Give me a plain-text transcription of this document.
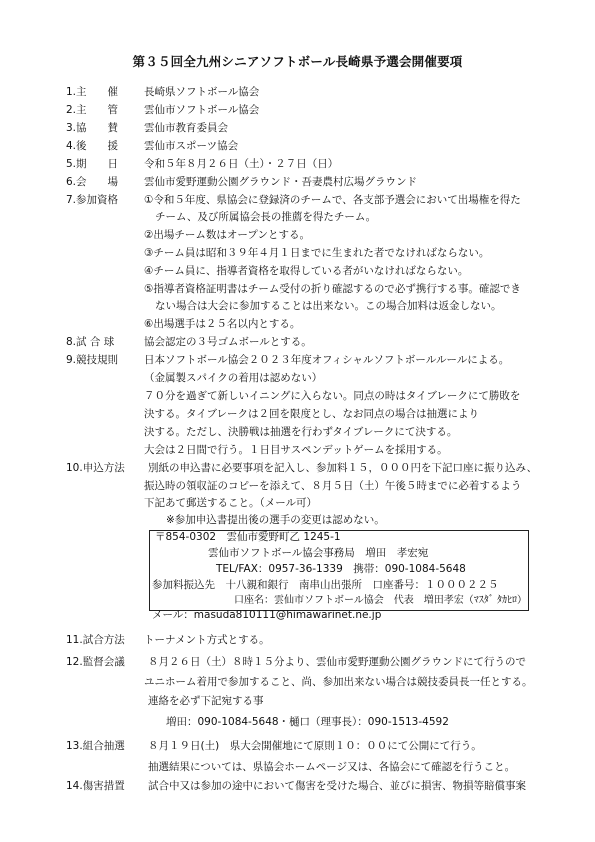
第３５回全九州シニアソフトボール長崎県予選会開催要項
1.主　　催 長崎県ソフトボール協会
2.主　　管 雲仙市ソフトボール協会
3.協　　賛 雲仙市教育委員会
4.後　　援 雲仙市スポーツ協会
5.期　　日 令和５年８月２６日（土）・２７日（日）
6.会　　場 雲仙市愛野運動公園グラウンド・吾妻農村広場グラウンド
7.参加資格 ①令和５年度、県協会に登録済のチームで、各支部予選会において出場権を得た
チーム、及び所属協会長の推薦を得たチーム。
②出場チーム数はオープンとする。
③チーム員は昭和３９年４月１日までに生まれた者でなければならない。
④チーム員に、指導者資格を取得している者がいなければならない。
⑤指導者資格証明書はチーム受付の折り確認するので必ず携行する事。確認でき
ない場合は大会に参加することは出来ない。この場合加料は返金しない。
⑥出場選手は２５名以内とする。
8.試 合 球	協会認定の３号ゴムボールとする。
9.競技規則 日本ソフトボール協会２０２３年度オフィシャルソフトボールルールによる。
（金属製スパイクの着用は認めない）
７０分を過ぎて新しいイニングに入らない。同点の時はタイブレークにて勝敗を
決する。タイブレークは２回を限度とし、なお同点の場合は抽選により
決する。ただし、決勝戦は抽選を行わずタイブレークにて決する。
大会は２日間で行う。１日目サスペンデットゲームを採用する。
10.申込方法 別紙の申込書に必要事項を記入し、参加料１５，０００円を下記口座に振り込み、
振込時の領収証のコピーを添えて、８月５日（土）午後５時までに必着するよう
下記あて郵送すること。（メール可）
※参加申込書提出後の選手の変更は認めない。
〒854-0302　雲仙市愛野町乙 1245-1
雲仙市ソフトボール協会事務局　増田　孝宏宛
TEL/FAX：0957-36-1339　携帯：090-1084-5648
参加料振込先　十八親和銀行　南串山出張所　口座番号：１０００２２５
口座名：雲仙市ソフトボール協会　代表　増田孝宏（ﾏｽﾀﾞ ﾀｶﾋﾛ）
メール：masuda810111@himawarinet.ne.jp
11.試合方法 トーナメント方式とする。
12.監督会議 ８月２６日（土）８時１５分より、雲仙市愛野運動公園グラウンドにて行うので
ユニホーム着用で参加すること、尚、参加出来ない場合は競技委員長一任とする。
連絡を必ず下記宛する事
増田：090-1084-5648・樋口（理事長）：090-1513-4592
13.組合抽選 ８月１９日(土)　県大会開催地にて原則１０：００にて公開にて行う。
抽選結果については、県協会ホームページ又は、各協会にて確認を行うこと。
14.傷害措置 試合中又は参加の途中において傷害を受けた場合、並びに損害、物損等賠償事案
